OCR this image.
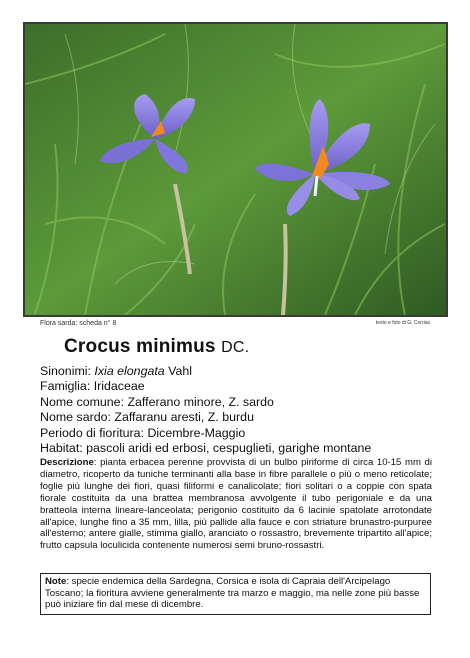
Flora sarda: scheda n° 8	testo e foto di G. Corrias
Crocus minimus DC.
Sinonimi: Ixia elongata Vahl
Famiglia: Iridaceae
Nome comune: Zafferano minore, Z. sardo
Nome sardo: Zaffaranu aresti, Z. burdu
Periodo di fioritura: Dicembre-Maggio
Habitat: pascoli aridi ed erbosi, cespuglieti, garighe montane
Descrizione: pianta erbacea perenne provvista di un bulbo piriforme di circa 10-15 mm di diametro, ricoperto da tuniche terminanti alla base in fibre parallele o più o meno reticolate; foglie più lunghe dei fiori, quasi filiformi e canalicolate; fiori solitari o a coppie con spata fiorale costituita da una brattea membranosa avvolgente il tubo perigoniale e da una bratteola interna lineare-lanceolata; perigonio costituito da 6 lacinie spatolate arrotondate all'apice, lunghe fino a 35 mm, lilla, più pallide alla fauce e con striature brunastro-purpuree all'esterno; antere gialle, stimma giallo, aranciato o rossastro, brevemente tripartito all'apice; frutto capsula loculicida contenente numerosi semi bruno-rossastri.
Note: specie endemica della Sardegna, Corsica e isola di Capraia dell'Arcipelago Toscano; la fioritura avviene generalmente tra marzo e maggio, ma nelle zone più basse può iniziare fin dal mese di dicembre.
